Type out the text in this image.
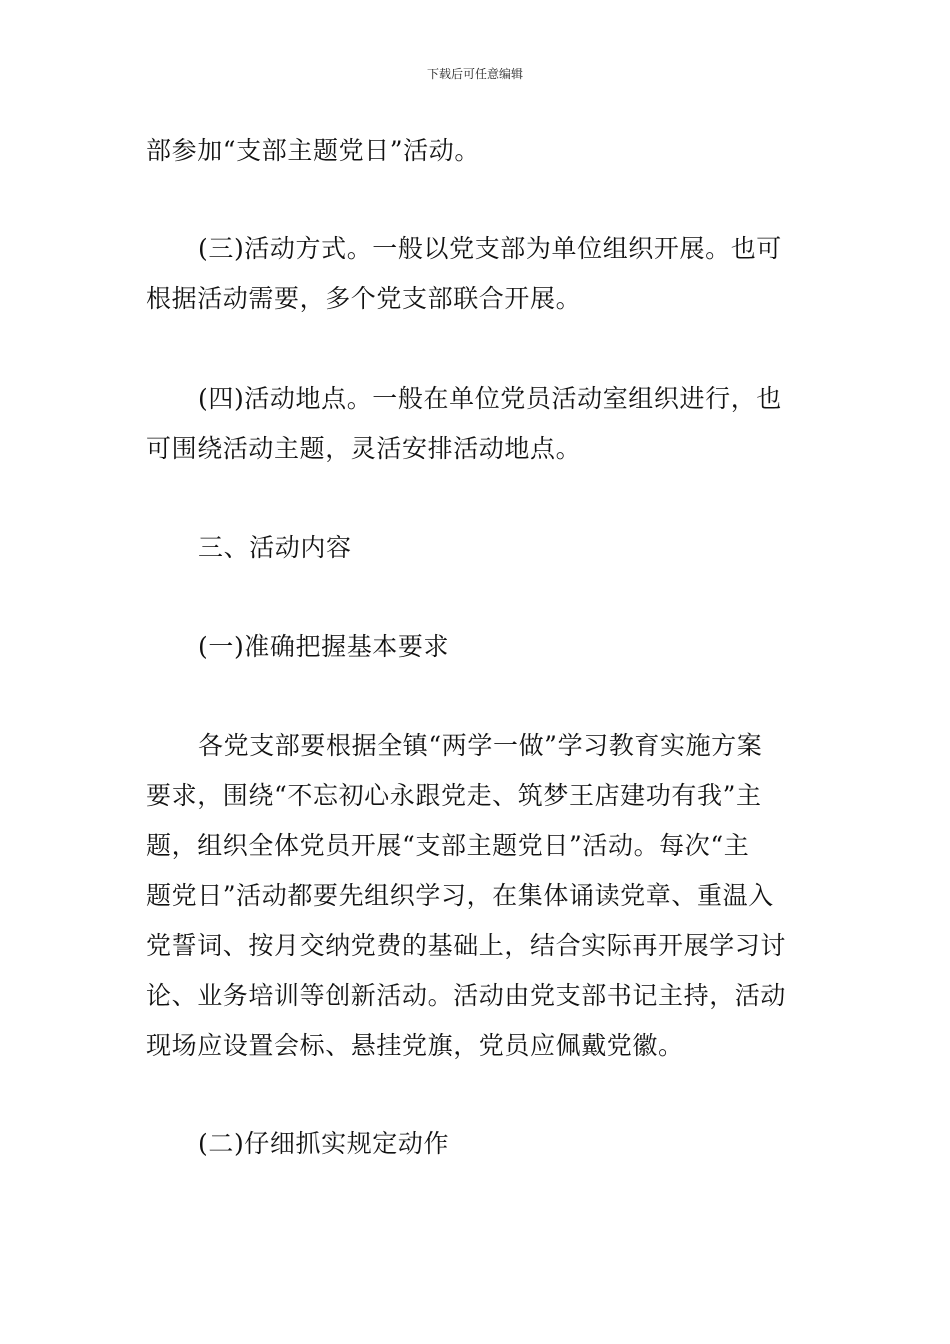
下载后可任意编辑
部参加“支部主题党日”活动。
(三)活动方式。一般以党支部为单位组织开展。也可
根据活动需要，多个党支部联合开展。
(四)活动地点。一般在单位党员活动室组织进行，也
可围绕活动主题，灵活安排活动地点。
三、活动内容
(一)准确把握基本要求
各党支部要根据全镇“两学一做”学习教育实施方案
要求，围绕“不忘初心永跟党走、筑梦王店建功有我”主
题，组织全体党员开展“支部主题党日”活动。每次“主
题党日”活动都要先组织学习，在集体诵读党章、重温入
党誓词、按月交纳党费的基础上，结合实际再开展学习讨
论、业务培训等创新活动。活动由党支部书记主持，活动
现场应设置会标、悬挂党旗，党员应佩戴党徽。
(二)仔细抓实规定动作
